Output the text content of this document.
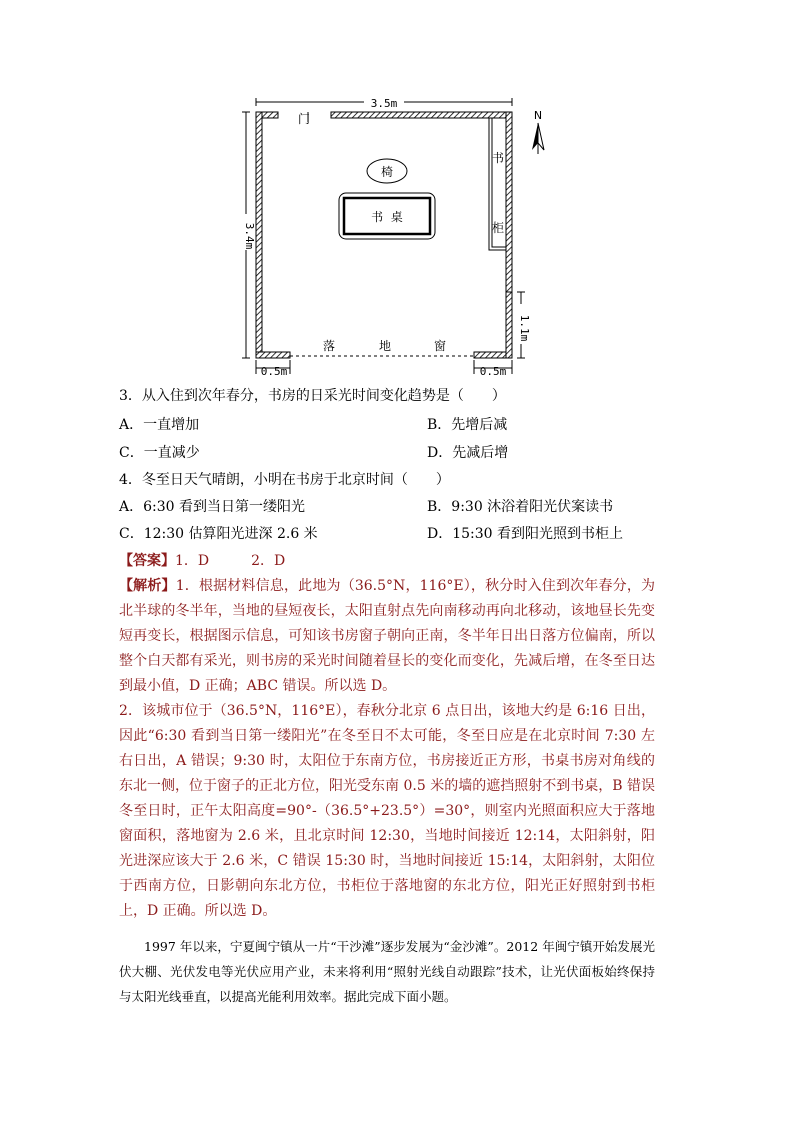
3.5m
3.4m
门
书
柜
椅
书  桌
落	地	窗
1.1m
0.5m	0.5m
N
3．从入住到次年春分，书房的日采光时间变化趋势是（　　）
A．一直增加	B．先增后减
C．一直减少	D．先减后增
4．冬至日天气晴朗，小明在书房于北京时间（　　）
A．6:30 看到当日第一缕阳光	B．9:30 沐浴着阳光伏案读书
C．12:30 估算阳光进深 2.6 米	D．15:30 看到阳光照到书柜上
【答案】1．D　　　2．D

【解析】1．根据材料信息，此地为（36.5°N，116°E），秋分时入住到次年春分，为北半球的冬半年，当地的昼短夜长，太阳直射点先向南移动再向北移动，该地昼长先变短再变长，根据图示信息，可知该书房窗子朝向正南，冬半年日出日落方位偏南，所以整个白天都有采光，则书房的采光时间随着昼长的变化而变化，先减后增，在冬至日达到最小值，D 正确；ABC 错误。所以选 D。

2．该城市位于（36.5°N，116°E），春秋分北京 6 点日出，该地大约是 6:16 日出，因此“6:30 看到当日第一缕阳光”在冬至日不太可能，冬至日应是在北京时间 7:30 左右日出，A 错误；9:30 时，太阳位于东南方位，书房接近正方形，书桌书房对角线的东北一侧，位于窗子的正北方位，阳光受东南 0.5 米的墙的遮挡照射不到书桌，B 错误 冬至日时，正午太阳高度=90°-（36.5°+23.5°）=30°，则室内光照面积应大于落地窗面积，落地窗为 2.6 米，且北京时间 12:30，当地时间接近 12:14，太阳斜射，阳光进深应该大于 2.6 米，C 错误 15:30 时，当地时间接近 15:14，太阳斜射，太阳位于西南方位，日影朝向东北方位，书柜位于落地窗的东北方位，阳光正好照射到书柜上，D 正确。所以选 D。

1997 年以来，宁夏闽宁镇从一片“干沙滩”逐步发展为“金沙滩”。2012 年闽宁镇开始发展光伏大棚、光伏发电等光伏应用产业，未来将利用“照射光线自动跟踪”技术，让光伏面板始终保持与太阳光线垂直，以提高光能利用效率。据此完成下面小题。
